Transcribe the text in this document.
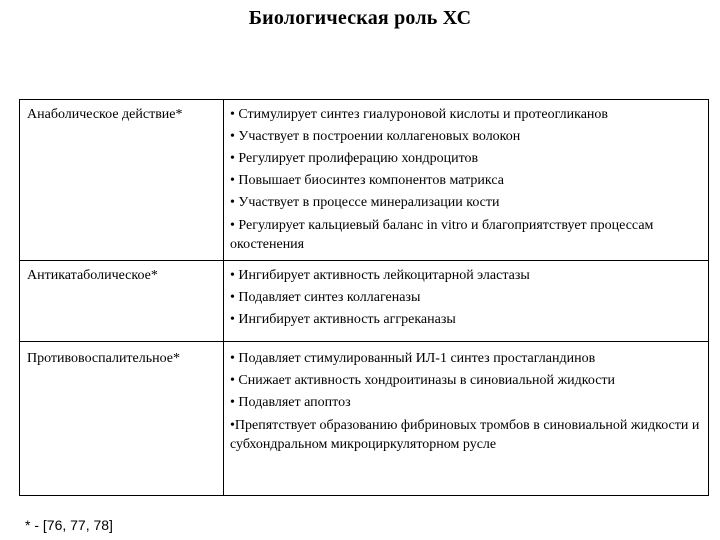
Биологическая роль ХС
Анаболическое действие*	• Стимулирует синтез гиалуроновой кислоты и протеогликанов
• Участвует в построении коллагеновых волокон
• Регулирует пролиферацию хондроцитов
• Повышает биосинтез компонентов матрикса
• Участвует в процессе минерализации кости
• Регулирует кальциевый баланс in vitro и благоприятствует процессам окостенения
Антикатаболическое*	• Ингибирует активность лейкоцитарной эластазы
• Подавляет синтез коллагеназы
• Ингибирует активность аггреканазы
Противовоспалительное*	• Подавляет стимулированный ИЛ-1 синтез простагландинов
• Снижает активность хондроитиназы в синовиальной жидкости
• Подавляет апоптоз
•Препятствует образованию фибриновых тромбов в синовиальной жидкости и субхондральном микроциркуляторном русле
* - [76, 77, 78]
